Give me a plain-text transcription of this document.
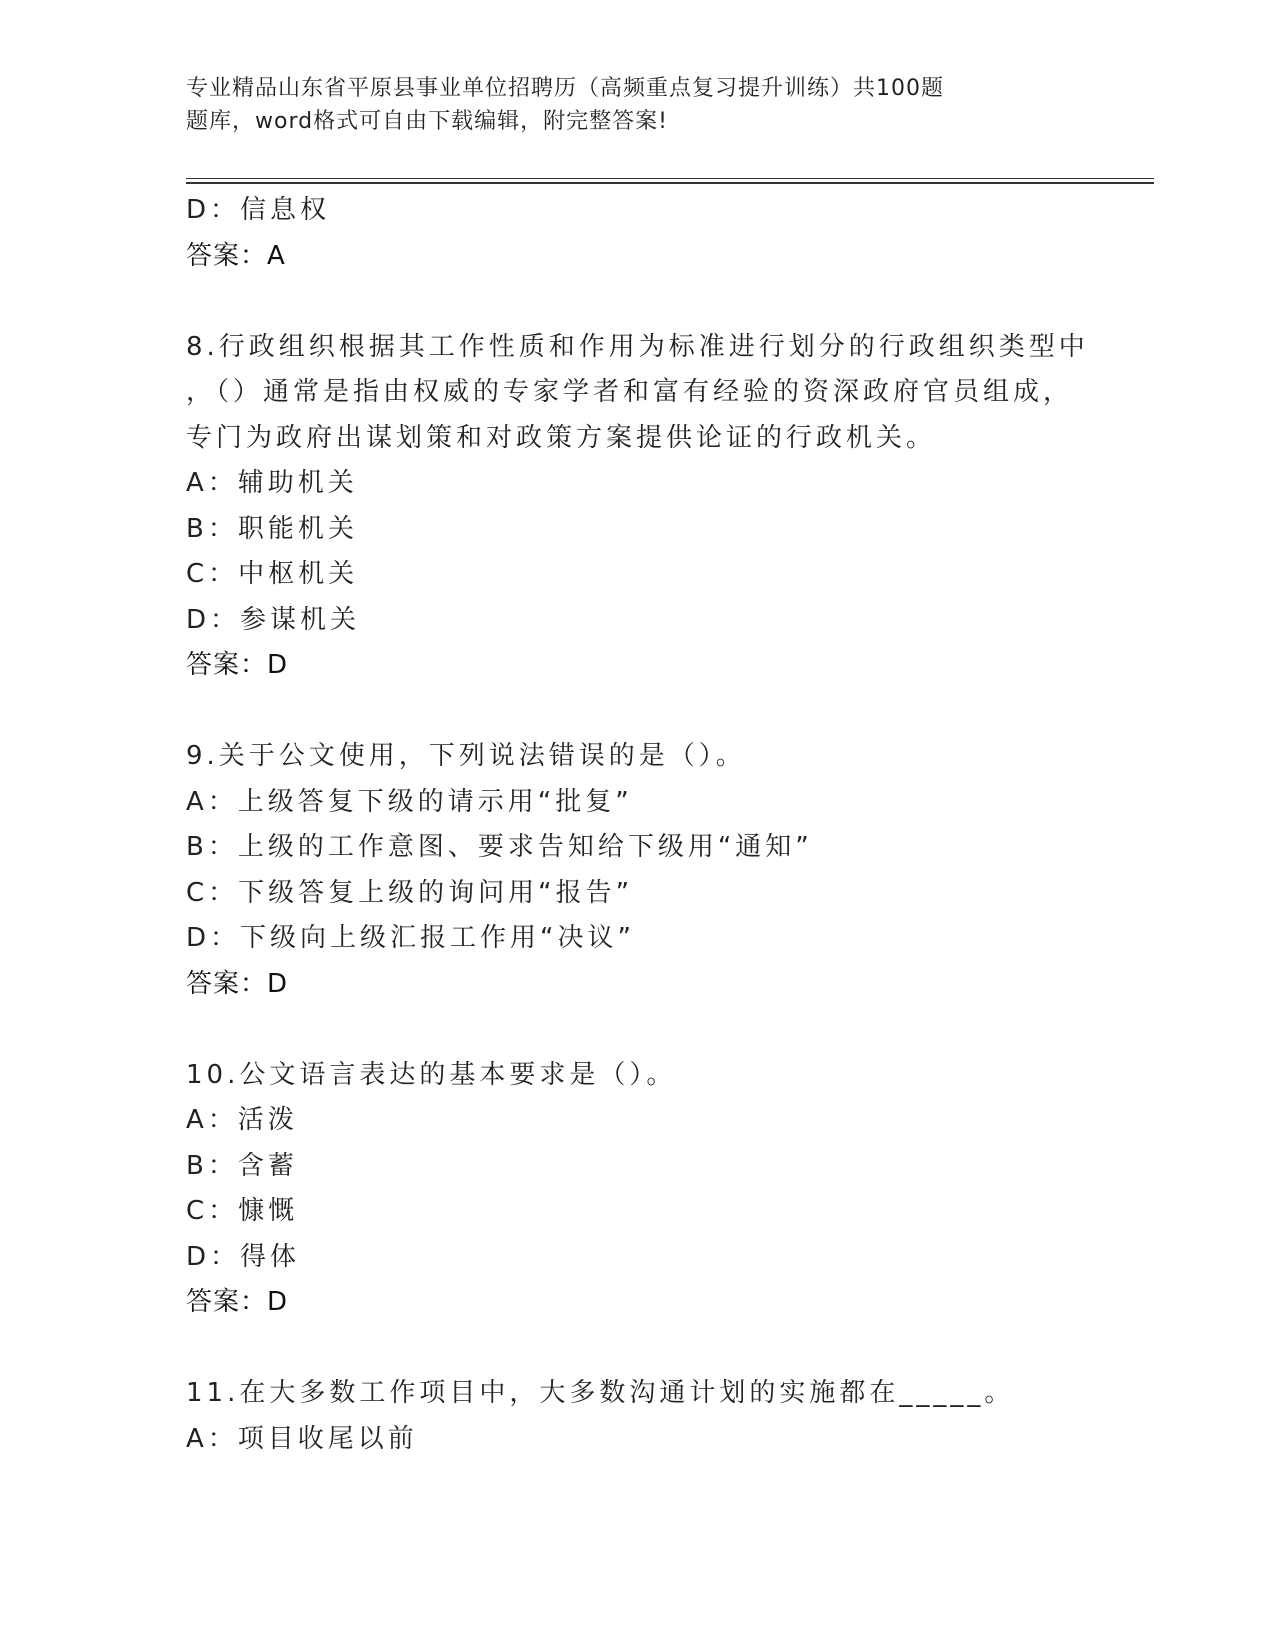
专业精品山东省平原县事业单位招聘历（高频重点复习提升训练）共100题
题库，word格式可自由下载编辑，附完整答案!
D：信息权
答案：A
8.行政组织根据其工作性质和作用为标准进行划分的行政组织类型中
，（）通常是指由权威的专家学者和富有经验的资深政府官员组成，
专门为政府出谋划策和对政策方案提供论证的行政机关。
A：辅助机关
B：职能机关
C：中枢机关
D：参谋机关
答案：D
9.关于公文使用，下列说法错误的是（）。
A：上级答复下级的请示用“批复”
B：上级的工作意图、要求告知给下级用“通知”
C：下级答复上级的询问用“报告”
D：下级向上级汇报工作用“决议”
答案：D
10.公文语言表达的基本要求是（）。
A：活泼
B：含蓄
C：慷慨
D：得体
答案：D
11.在大多数工作项目中，大多数沟通计划的实施都在_____。
A：项目收尾以前
